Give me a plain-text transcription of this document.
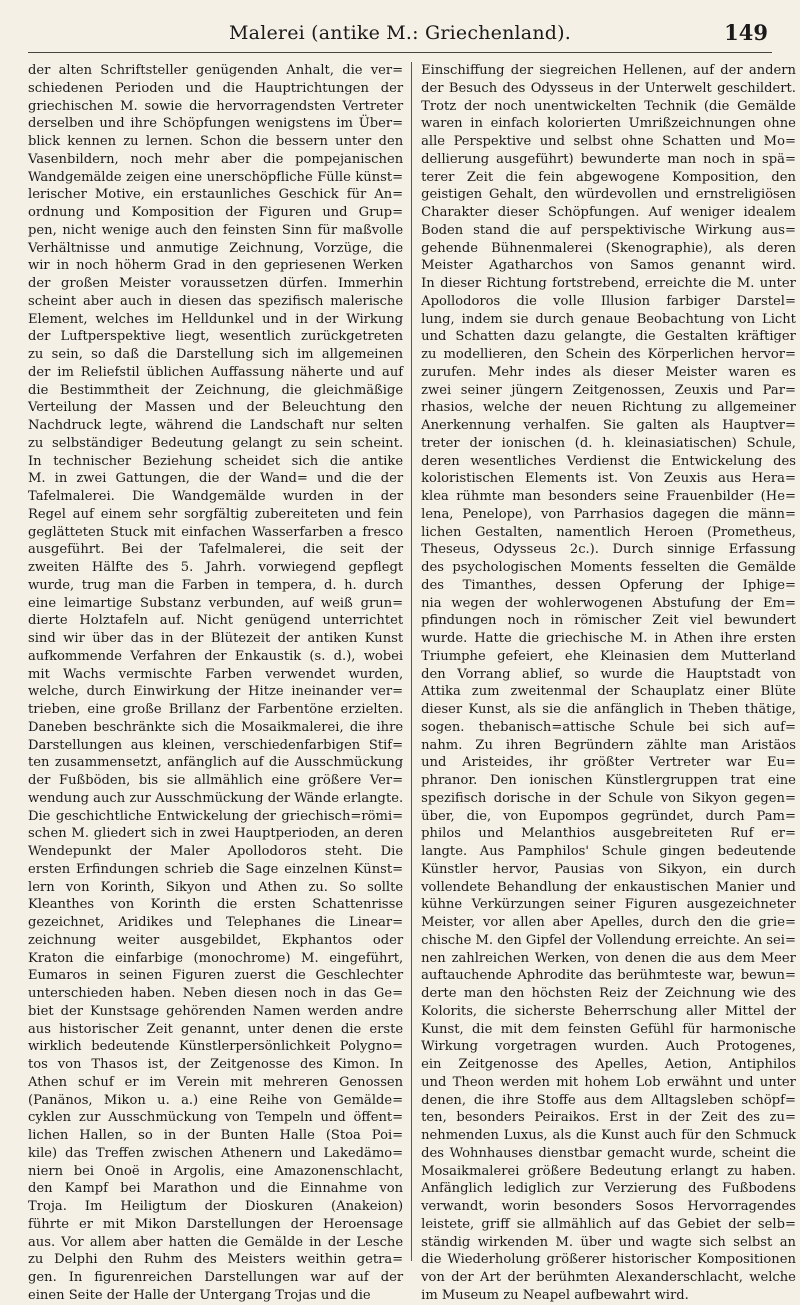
Malerei (antike M.: Griechenland).	149
der alten Schriftsteller genügenden Anhalt, die ver=
schiedenen Perioden und die Hauptrichtungen der
griechischen M. sowie die hervorragendsten Vertreter
derselben und ihre Schöpfungen wenigstens im Über=
blick kennen zu lernen. Schon die bessern unter den
Vasenbildern, noch mehr aber die pompejanischen
Wandgemälde zeigen eine unerschöpfliche Fülle künst=
lerischer Motive, ein erstaunliches Geschick für An=
ordnung und Komposition der Figuren und Grup=
pen, nicht wenige auch den feinsten Sinn für maßvolle
Verhältnisse und anmutige Zeichnung, Vorzüge, die
wir in noch höherm Grad in den gepriesenen Werken
der großen Meister voraussetzen dürfen. Immerhin
scheint aber auch in diesen das spezifisch malerische
Element, welches im Helldunkel und in der Wirkung
der Luftperspektive liegt, wesentlich zurückgetreten
zu sein, so daß die Darstellung sich im allgemeinen
der im Reliefstil üblichen Auffassung näherte und auf
die Bestimmtheit der Zeichnung, die gleichmäßige
Verteilung der Massen und der Beleuchtung den
Nachdruck legte, während die Landschaft nur selten
zu selbständiger Bedeutung gelangt zu sein scheint.
In technischer Beziehung scheidet sich die antike
M. in zwei Gattungen, die der Wand= und die der
Tafelmalerei. Die Wandgemälde wurden in der
Regel auf einem sehr sorgfältig zubereiteten und fein
geglätteten Stuck mit einfachen Wasserfarben a fresco
ausgeführt. Bei der Tafelmalerei, die seit der
zweiten Hälfte des 5. Jahrh. vorwiegend gepflegt
wurde, trug man die Farben in tempera, d. h. durch
eine leimartige Substanz verbunden, auf weiß grun=
dierte Holztafeln auf. Nicht genügend unterrichtet
sind wir über das in der Blütezeit der antiken Kunst
aufkommende Verfahren der Enkaustik (s. d.), wobei
mit Wachs vermischte Farben verwendet wurden,
welche, durch Einwirkung der Hitze ineinander ver=
trieben, eine große Brillanz der Farbentöne erzielten.
Daneben beschränkte sich die Mosaikmalerei, die ihre
Darstellungen aus kleinen, verschiedenfarbigen Stif=
ten zusammensetzt, anfänglich auf die Ausschmückung
der Fußböden, bis sie allmählich eine größere Ver=
wendung auch zur Ausschmückung der Wände erlangte.
Die geschichtliche Entwickelung der griechisch=römi=
schen M. gliedert sich in zwei Hauptperioden, an deren
Wendepunkt der Maler Apollodoros steht. Die
ersten Erfindungen schrieb die Sage einzelnen Künst=
lern von Korinth, Sikyon und Athen zu. So sollte
Kleanthes von Korinth die ersten Schattenrisse
gezeichnet, Aridikes und Telephanes die Linear=
zeichnung weiter ausgebildet, Ekphantos oder
Kraton die einfarbige (monochrome) M. eingeführt,
Eumaros in seinen Figuren zuerst die Geschlechter
unterschieden haben. Neben diesen noch in das Ge=
biet der Kunstsage gehörenden Namen werden andre
aus historischer Zeit genannt, unter denen die erste
wirklich bedeutende Künstlerpersönlichkeit Polygno=
tos von Thasos ist, der Zeitgenosse des Kimon. In
Athen schuf er im Verein mit mehreren Genossen
(Panänos, Mikon u. a.) eine Reihe von Gemälde=
cyklen zur Ausschmückung von Tempeln und öffent=
lichen Hallen, so in der Bunten Halle (Stoa Poi=
kile) das Treffen zwischen Athenern und Lakedämo=
niern bei Onoë in Argolis, eine Amazonenschlacht,
den Kampf bei Marathon und die Einnahme von
Troja. Im Heiligtum der Dioskuren (Anakeion)
führte er mit Mikon Darstellungen der Heroensage
aus. Vor allem aber hatten die Gemälde in der Lesche
zu Delphi den Ruhm des Meisters weithin getra=
gen. In figurenreichen Darstellungen war auf der
einen Seite der Halle der Untergang Trojas und die
Einschiffung der siegreichen Hellenen, auf der andern
der Besuch des Odysseus in der Unterwelt geschildert.
Trotz der noch unentwickelten Technik (die Gemälde
waren in einfach kolorierten Umrißzeichnungen ohne
alle Perspektive und selbst ohne Schatten und Mo=
dellierung ausgeführt) bewunderte man noch in spä=
terer Zeit die fein abgewogene Komposition, den
geistigen Gehalt, den würdevollen und ernstreligiösen
Charakter dieser Schöpfungen. Auf weniger idealem
Boden stand die auf perspektivische Wirkung aus=
gehende Bühnenmalerei (Skenographie), als deren
Meister Agatharchos von Samos genannt wird.
In dieser Richtung fortstrebend, erreichte die M. unter
Apollodoros die volle Illusion farbiger Darstel=
lung, indem sie durch genaue Beobachtung von Licht
und Schatten dazu gelangte, die Gestalten kräftiger
zu modellieren, den Schein des Körperlichen hervor=
zurufen. Mehr indes als dieser Meister waren es
zwei seiner jüngern Zeitgenossen, Zeuxis und Par=
rhasios, welche der neuen Richtung zu allgemeiner
Anerkennung verhalfen. Sie galten als Hauptver=
treter der ionischen (d. h. kleinasiatischen) Schule,
deren wesentliches Verdienst die Entwickelung des
koloristischen Elements ist. Von Zeuxis aus Hera=
klea rühmte man besonders seine Frauenbilder (He=
lena, Penelope), von Parrhasios dagegen die männ=
lichen Gestalten, namentlich Heroen (Prometheus,
Theseus, Odysseus 2c.). Durch sinnige Erfassung
des psychologischen Moments fesselten die Gemälde
des Timanthes, dessen Opferung der Iphige=
nia wegen der wohlerwogenen Abstufung der Em=
pfindungen noch in römischer Zeit viel bewundert
wurde. Hatte die griechische M. in Athen ihre ersten
Triumphe gefeiert, ehe Kleinasien dem Mutterland
den Vorrang ablief, so wurde die Hauptstadt von
Attika zum zweitenmal der Schauplatz einer Blüte
dieser Kunst, als sie die anfänglich in Theben thätige,
sogen. thebanisch=attische Schule bei sich auf=
nahm. Zu ihren Begründern zählte man Aristäos
und Aristeides, ihr größter Vertreter war Eu=
phranor. Den ionischen Künstlergruppen trat eine
spezifisch dorische in der Schule von Sikyon gegen=
über, die, von Eupompos gegründet, durch Pam=
philos und Melanthios ausgebreiteten Ruf er=
langte. Aus Pamphilos' Schule gingen bedeutende
Künstler hervor, Pausias von Sikyon, ein durch
vollendete Behandlung der enkaustischen Manier und
kühne Verkürzungen seiner Figuren ausgezeichneter
Meister, vor allen aber Apelles, durch den die grie=
chische M. den Gipfel der Vollendung erreichte. An sei=
nen zahlreichen Werken, von denen die aus dem Meer
auftauchende Aphrodite das berühmteste war, bewun=
derte man den höchsten Reiz der Zeichnung wie des
Kolorits, die sicherste Beherrschung aller Mittel der
Kunst, die mit dem feinsten Gefühl für harmonische
Wirkung vorgetragen wurden. Auch Protogenes,
ein Zeitgenosse des Apelles, Aetion, Antiphilos
und Theon werden mit hohem Lob erwähnt und unter
denen, die ihre Stoffe aus dem Alltagsleben schöpf=
ten, besonders Peiraikos. Erst in der Zeit des zu=
nehmenden Luxus, als die Kunst auch für den Schmuck
des Wohnhauses dienstbar gemacht wurde, scheint die
Mosaikmalerei größere Bedeutung erlangt zu haben.
Anfänglich lediglich zur Verzierung des Fußbodens
verwandt, worin besonders Sosos Hervorragendes
leistete, griff sie allmählich auf das Gebiet der selb=
ständig wirkenden M. über und wagte sich selbst an
die Wiederholung größerer historischer Kompositionen
von der Art der berühmten Alexanderschlacht, welche
im Museum zu Neapel aufbewahrt wird.
